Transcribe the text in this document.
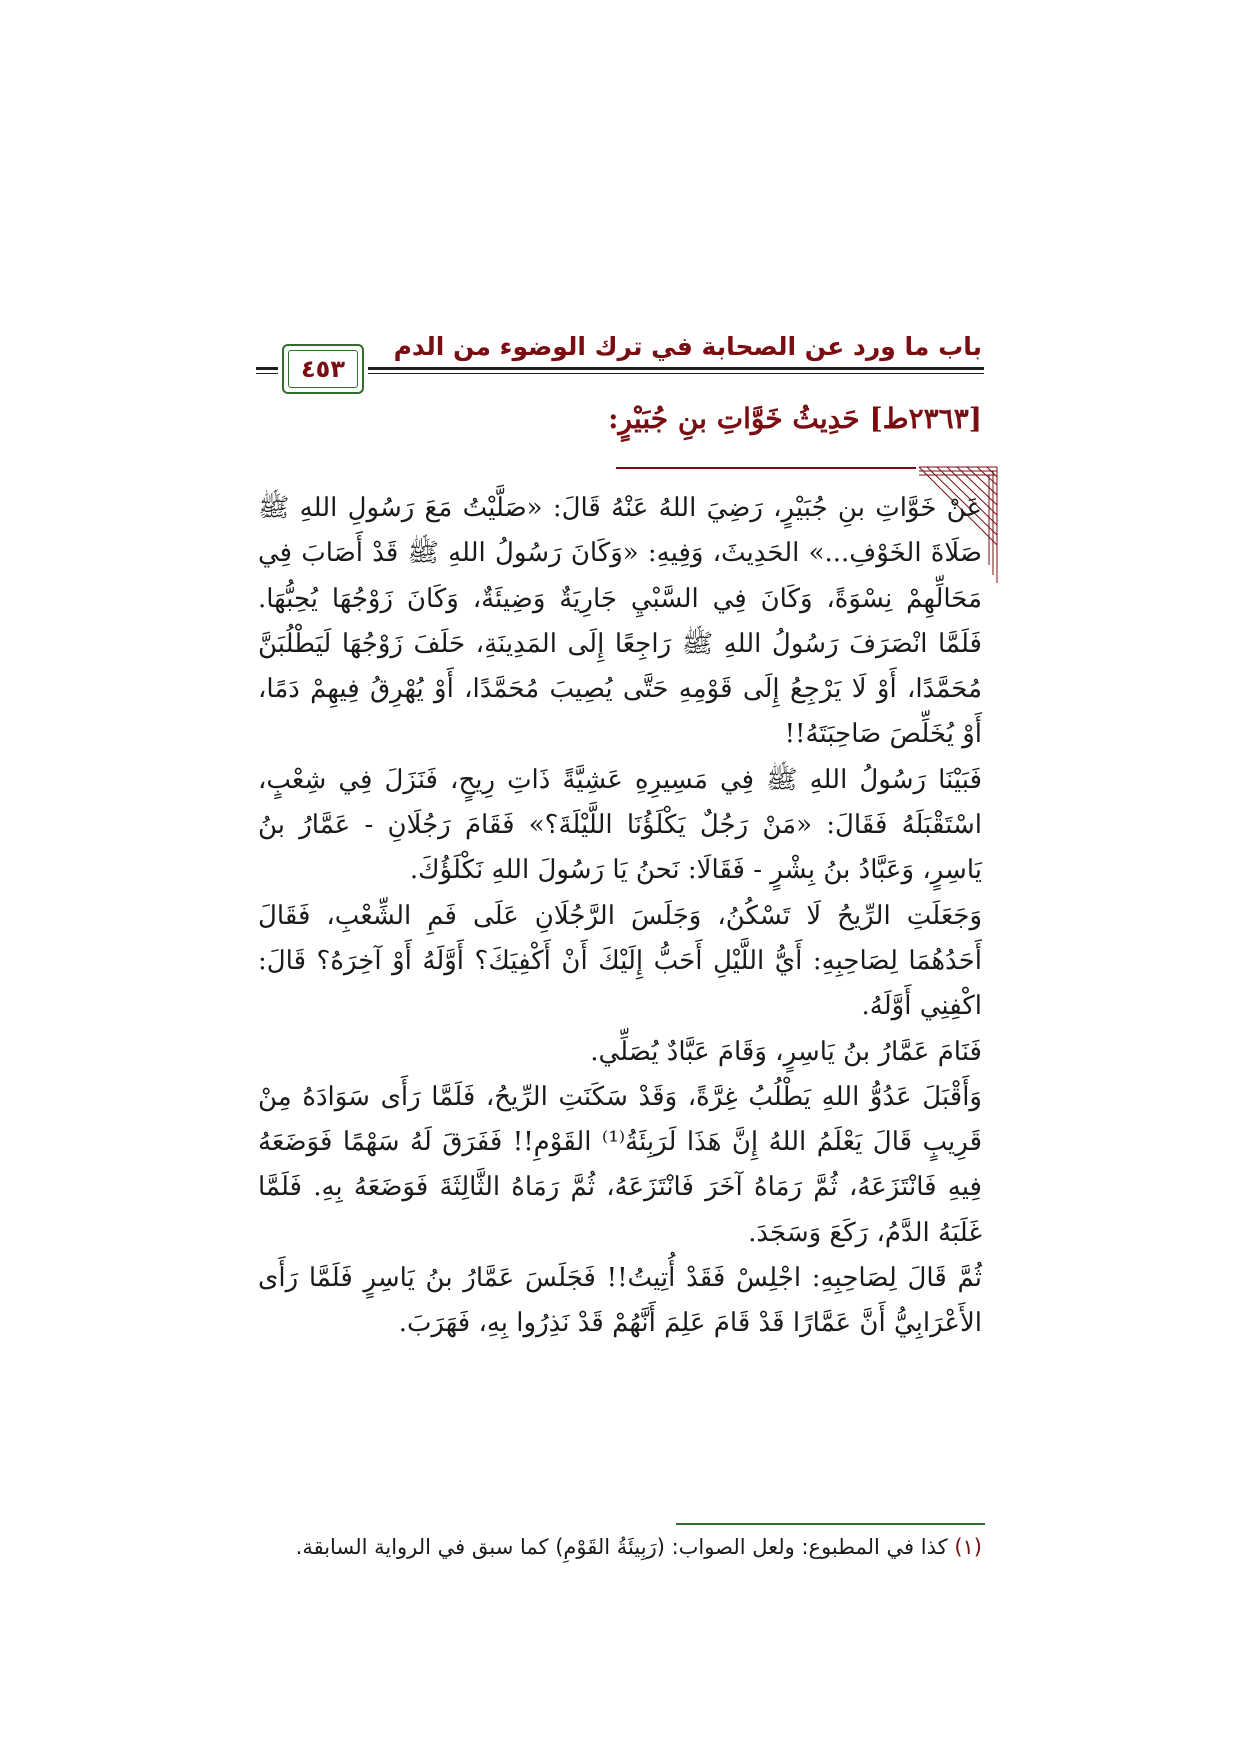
باب ما ورد عن الصحابة في ترك الوضوء من الدم
٤٥٣
[٢٣٦٣ط] حَدِيثُ خَوَّاتِ بنِ جُبَيْرٍ:

عَنْ خَوَّاتِ بنِ جُبَيْرٍ، رَضِيَ اللهُ عَنْهُ قَالَ: «صَلَّيْتُ مَعَ رَسُولِ اللهِ ﷺ صَلَاةَ الخَوْفِ...» الحَدِيثَ، وَفِيهِ: «وَكَانَ رَسُولُ اللهِ ﷺ قَدْ أَصَابَ فِي مَحَالِّهِمْ نِسْوَةً، وَكَانَ فِي السَّبْيِ جَارِيَةٌ وَضِيئَةٌ، وَكَانَ زَوْجُهَا يُحِبُّهَا. فَلَمَّا انْصَرَفَ رَسُولُ اللهِ ﷺ رَاجِعًا إِلَى المَدِينَةِ، حَلَفَ زَوْجُهَا لَيَطْلُبَنَّ مُحَمَّدًا، أَوْ لَا يَرْجِعُ إِلَى قَوْمِهِ حَتَّى يُصِيبَ مُحَمَّدًا، أَوْ يُهْرِقُ فِيهِمْ دَمًا، أَوْ يُخَلِّصَ صَاحِبَتَهُ!!

فَبَيْنَا رَسُولُ اللهِ ﷺ فِي مَسِيرِهِ عَشِيَّةً ذَاتِ رِيحٍ، فَنَزَلَ فِي شِعْبٍ، اسْتَقْبَلَهُ فَقَالَ: «مَنْ رَجُلٌ يَكْلَؤُنَا اللَّيْلَةَ؟» فَقَامَ رَجُلَانِ - عَمَّارُ بنُ يَاسِرٍ، وَعَبَّادُ بنُ بِشْرٍ - فَقَالَا: نَحنُ يَا رَسُولَ اللهِ نَكْلَؤُكَ.

وَجَعَلَتِ الرِّيحُ لَا تَسْكُنُ، وَجَلَسَ الرَّجُلَانِ عَلَى فَمِ الشِّعْبِ، فَقَالَ أَحَدُهُمَا لِصَاحِبِهِ: أَيُّ اللَّيْلِ أَحَبُّ إِلَيْكَ أَنْ أَكْفِيَكَ؟ أَوَّلَهُ أَوْ آخِرَهُ؟ قَالَ: اكْفِنِي أَوَّلَهُ.

فَنَامَ عَمَّارُ بنُ يَاسِرٍ، وَقَامَ عَبَّادٌ يُصَلِّي.

وَأَقْبَلَ عَدُوُّ اللهِ يَطْلُبُ غِرَّةً، وَقَدْ سَكَنَتِ الرِّيحُ، فَلَمَّا رَأَى سَوَادَهُ مِنْ قَرِيبٍ قَالَ يَعْلَمُ اللهُ إِنَّ هَذَا لَرَبِئَةُ⁽¹⁾ القَوْمِ!! فَفَرَقَ لَهُ سَهْمًا فَوَضَعَهُ فِيهِ فَانْتَزَعَهُ، ثُمَّ رَمَاهُ آخَرَ فَانْتَزَعَهُ، ثُمَّ رَمَاهُ الثَّالِثَةَ فَوَضَعَهُ بِهِ. فَلَمَّا غَلَبَهُ الدَّمُ، رَكَعَ وَسَجَدَ.

ثُمَّ قَالَ لِصَاحِبِهِ: اجْلِسْ فَقَدْ أُتِيتُ!! فَجَلَسَ عَمَّارُ بنُ يَاسِرٍ فَلَمَّا رَأَى الأَعْرَابِيُّ أَنَّ عَمَّارًا قَدْ قَامَ عَلِمَ أَنَّهُمْ قَدْ نَذِرُوا بِهِ، فَهَرَبَ.

(١) كذا في المطبوع: ولعل الصواب: (رَبِيئَةُ القَوْمِ) كما سبق في الرواية السابقة.
